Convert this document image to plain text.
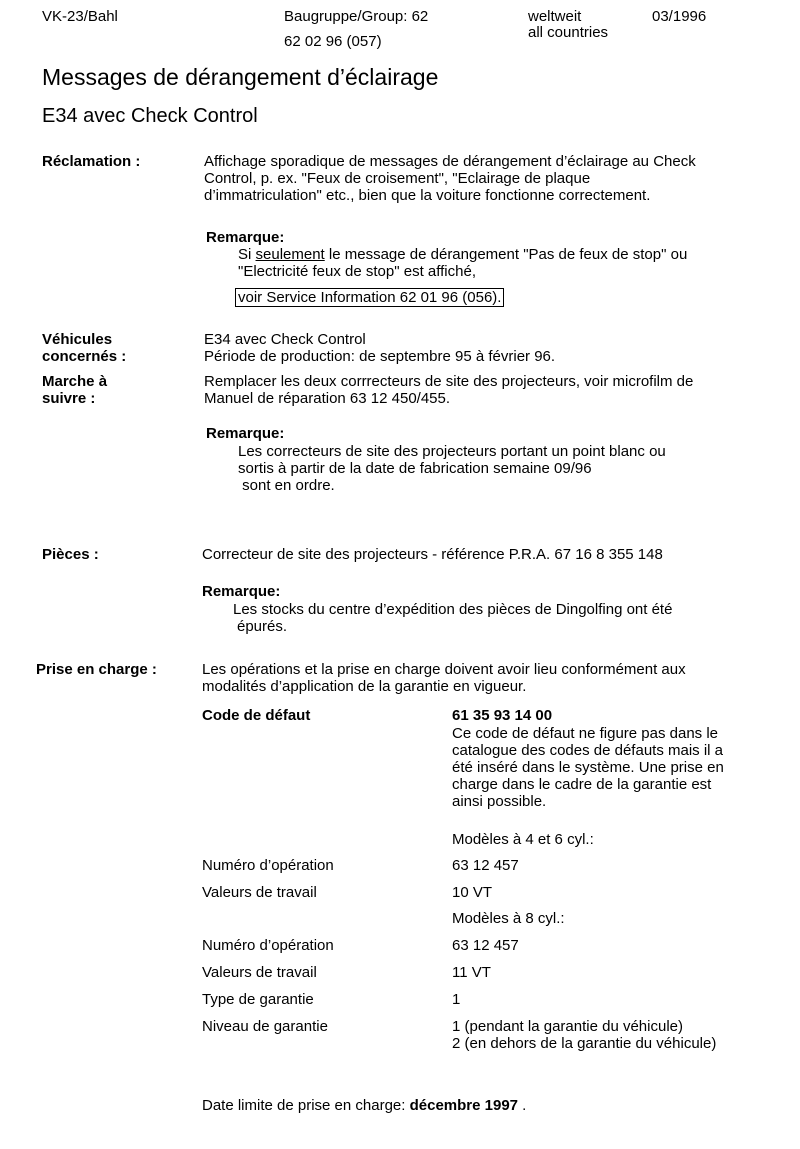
VK-23/Bahl	Baugruppe/Group: 62
62 02 96 (057)
weltweit
all countries
03/1996
Messages de dérangement d’éclairage
E34 avec Check Control
Réclamation :	Affichage sporadique de messages de dérangement d’éclairage au Check
Control, p. ex. "Feux de croisement", "Eclairage de plaque
d’immatriculation" etc., bien que la voiture fonctionne correctement.
Remarque:
Si seulement le message de dérangement "Pas de feux de stop" ou
"Electricité feux de stop" est affiché,
voir Service Information 62 01 96 (056).
Véhicules
concernés :
E34 avec Check Control
Période de production: de septembre 95 à février 96.
Marche à
suivre :
Remplacer les deux corrrecteurs de site des projecteurs, voir microfilm de
Manuel de réparation 63 12 450/455.
Remarque:
Les correcteurs de site des projecteurs portant un point blanc ou
sortis à partir de la date de fabrication semaine 09/96
sont en ordre.
Pièces :	Correcteur de site des projecteurs - référence P.R.A. 67 16 8 355 148
Remarque:
Les stocks du centre d’expédition des pièces de Dingolfing ont été
épurés.
Prise en charge :	Les opérations et la prise en charge doivent avoir lieu conformément aux
modalités d’application de la garantie en vigueur.
Code de défaut	61 35 93 14 00
Ce code de défaut ne figure pas dans le
catalogue des codes de défauts mais il a
été inséré dans le système. Une prise en
charge dans le cadre de la garantie est
ainsi possible.
Modèles à 4 et 6 cyl.:
Numéro d’opération	63 12 457
Valeurs de travail	10 VT
Modèles à 8 cyl.:
Numéro d’opération	63 12 457
Valeurs de travail	11 VT
Type de garantie	1
Niveau de garantie	1 (pendant la garantie du véhicule)
2 (en dehors de la garantie du véhicule)
Date limite de prise en charge: décembre 1997 .
